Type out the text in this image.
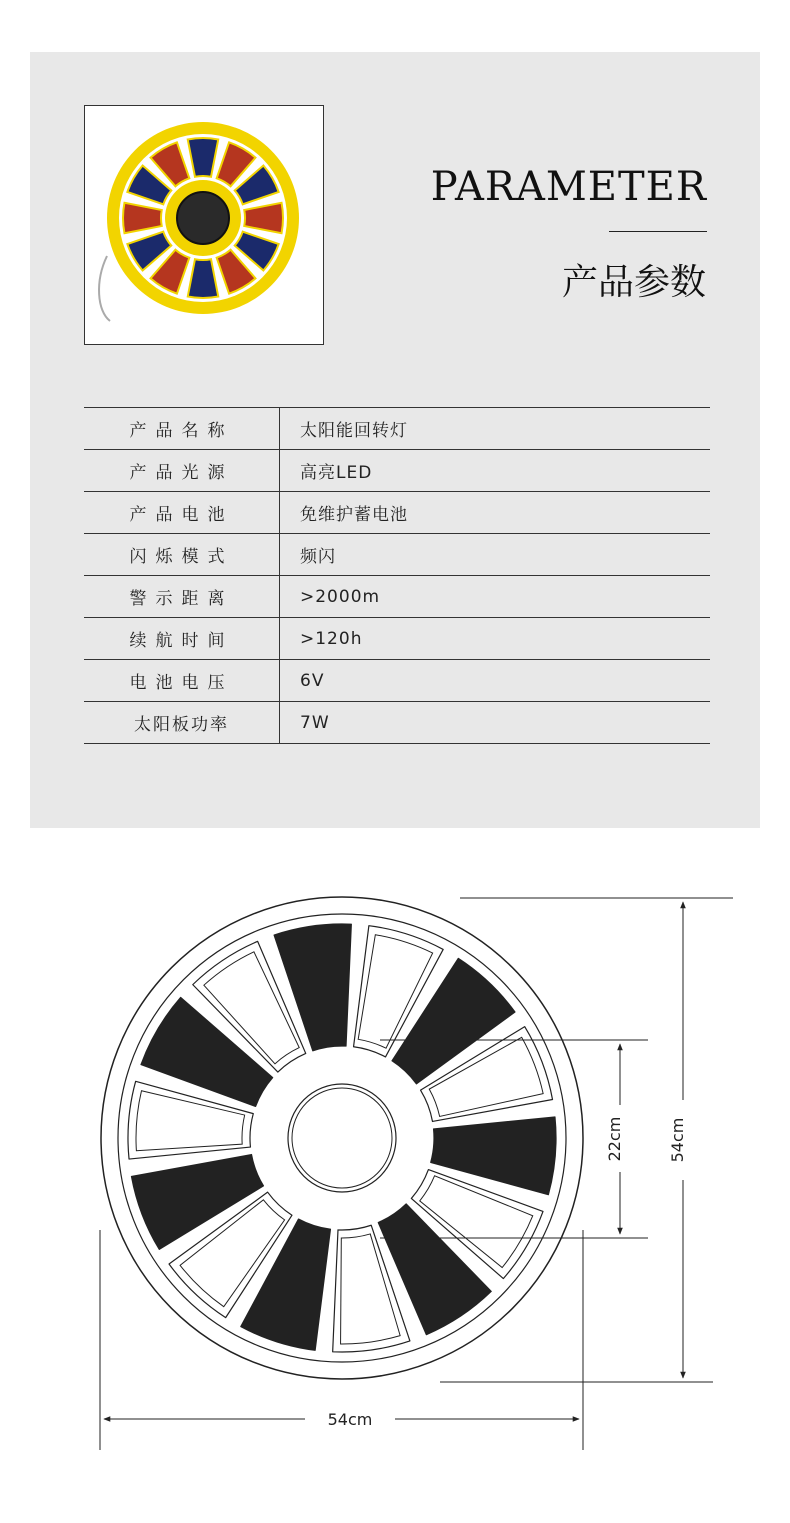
PARAMETER
产品参数
产品名称	太阳能回转灯
产品光源	高亮LED
产品电池	免维护蓄电池
闪烁模式	频闪
警示距离	>2000m
续航时间	>120h
电池电压	6V
太阳板功率	7W
54cm
22cm
54cm
